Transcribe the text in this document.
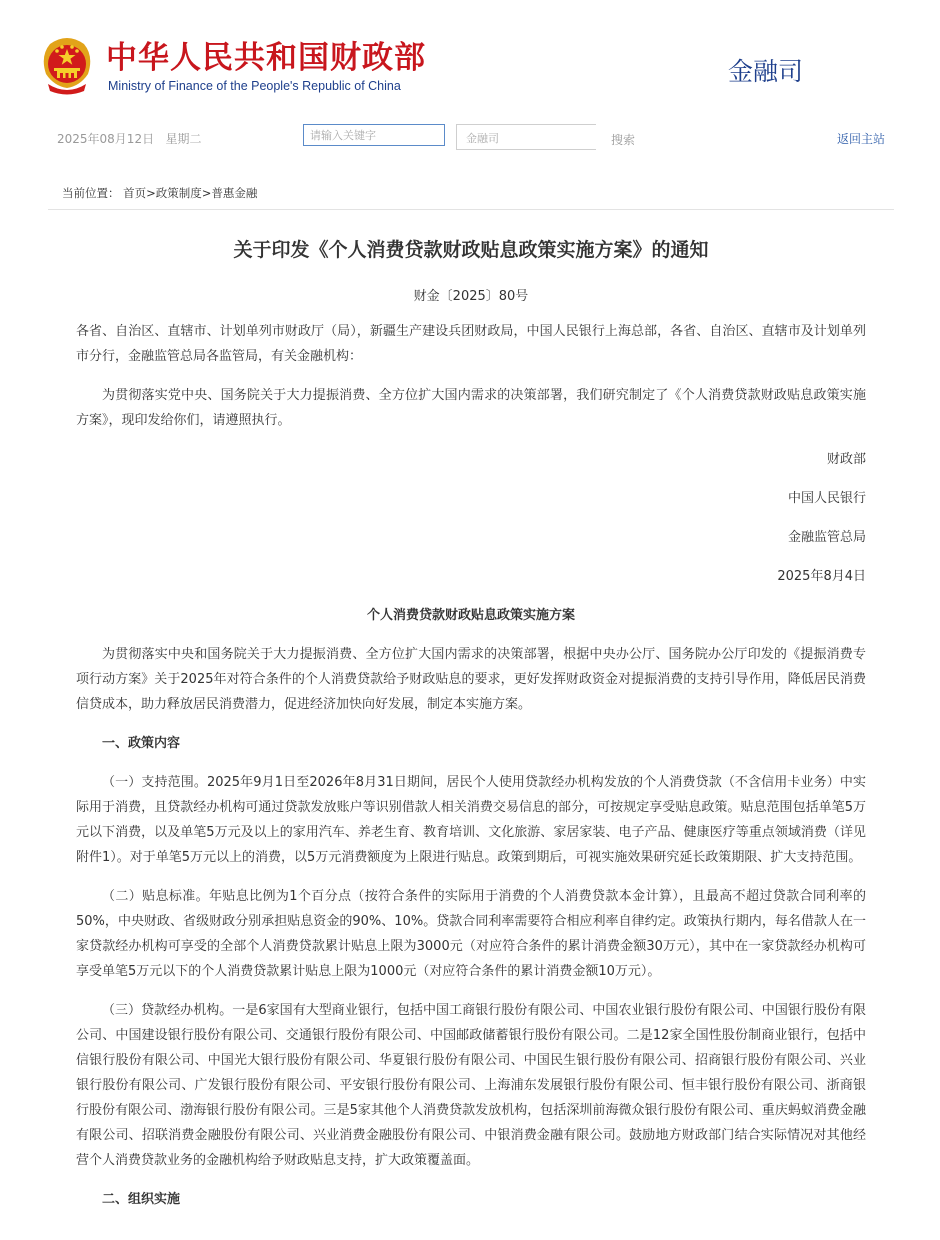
中华人民共和国财政部
Ministry of Finance of the People's Republic of China	金融司
2025年08月12日 星期二
请输入关键字	金融司	搜索	返回主站
当前位置： 首页>政策制度>普惠金融
关于印发《个人消费贷款财政贴息政策实施方案》的通知
财金〔2025〕80号

各省、自治区、直辖市、计划单列市财政厅（局），新疆生产建设兵团财政局，中国人民银行上海总部，各省、自治区、直辖市及计划单列市分行，金融监管总局各监管局，有关金融机构：

为贯彻落实党中央、国务院关于大力提振消费、全方位扩大国内需求的决策部署，我们研究制定了《个人消费贷款财政贴息政策实施方案》，现印发给你们，请遵照执行。

财政部

中国人民银行

金融监管总局

2025年8月4日

个人消费贷款财政贴息政策实施方案

为贯彻落实中央和国务院关于大力提振消费、全方位扩大国内需求的决策部署，根据中央办公厅、国务院办公厅印发的《提振消费专项行动方案》关于2025年对符合条件的个人消费贷款给予财政贴息的要求，更好发挥财政资金对提振消费的支持引导作用，降低居民消费信贷成本，助力释放居民消费潜力，促进经济加快向好发展，制定本实施方案。

一、政策内容

（一）支持范围。2025年9月1日至2026年8月31日期间，居民个人使用贷款经办机构发放的个人消费贷款（不含信用卡业务）中实际用于消费，且贷款经办机构可通过贷款发放账户等识别借款人相关消费交易信息的部分，可按规定享受贴息政策。贴息范围包括单笔5万元以下消费，以及单笔5万元及以上的家用汽车、养老生育、教育培训、文化旅游、家居家装、电子产品、健康医疗等重点领域消费（详见附件1）。对于单笔5万元以上的消费，以5万元消费额度为上限进行贴息。政策到期后，可视实施效果研究延长政策期限、扩大支持范围。

（二）贴息标准。年贴息比例为1个百分点（按符合条件的实际用于消费的个人消费贷款本金计算），且最高不超过贷款合同利率的50%，中央财政、省级财政分别承担贴息资金的90%、10%。贷款合同利率需要符合相应利率自律约定。政策执行期内，每名借款人在一家贷款经办机构可享受的全部个人消费贷款累计贴息上限为3000元（对应符合条件的累计消费金额30万元），其中在一家贷款经办机构可享受单笔5万元以下的个人消费贷款累计贴息上限为1000元（对应符合条件的累计消费金额10万元）。

（三）贷款经办机构。一是6家国有大型商业银行，包括中国工商银行股份有限公司、中国农业银行股份有限公司、中国银行股份有限公司、中国建设银行股份有限公司、交通银行股份有限公司、中国邮政储蓄银行股份有限公司。二是12家全国性股份制商业银行，包括中信银行股份有限公司、中国光大银行股份有限公司、华夏银行股份有限公司、中国民生银行股份有限公司、招商银行股份有限公司、兴业银行股份有限公司、广发银行股份有限公司、平安银行股份有限公司、上海浦东发展银行股份有限公司、恒丰银行股份有限公司、浙商银行股份有限公司、渤海银行股份有限公司。三是5家其他个人消费贷款发放机构，包括深圳前海微众银行股份有限公司、重庆蚂蚁消费金融有限公司、招联消费金融股份有限公司、兴业消费金融股份有限公司、中银消费金融有限公司。鼓励地方财政部门结合实际情况对其他经营个人消费贷款业务的金融机构给予财政贴息支持，扩大政策覆盖面。

二、组织实施
